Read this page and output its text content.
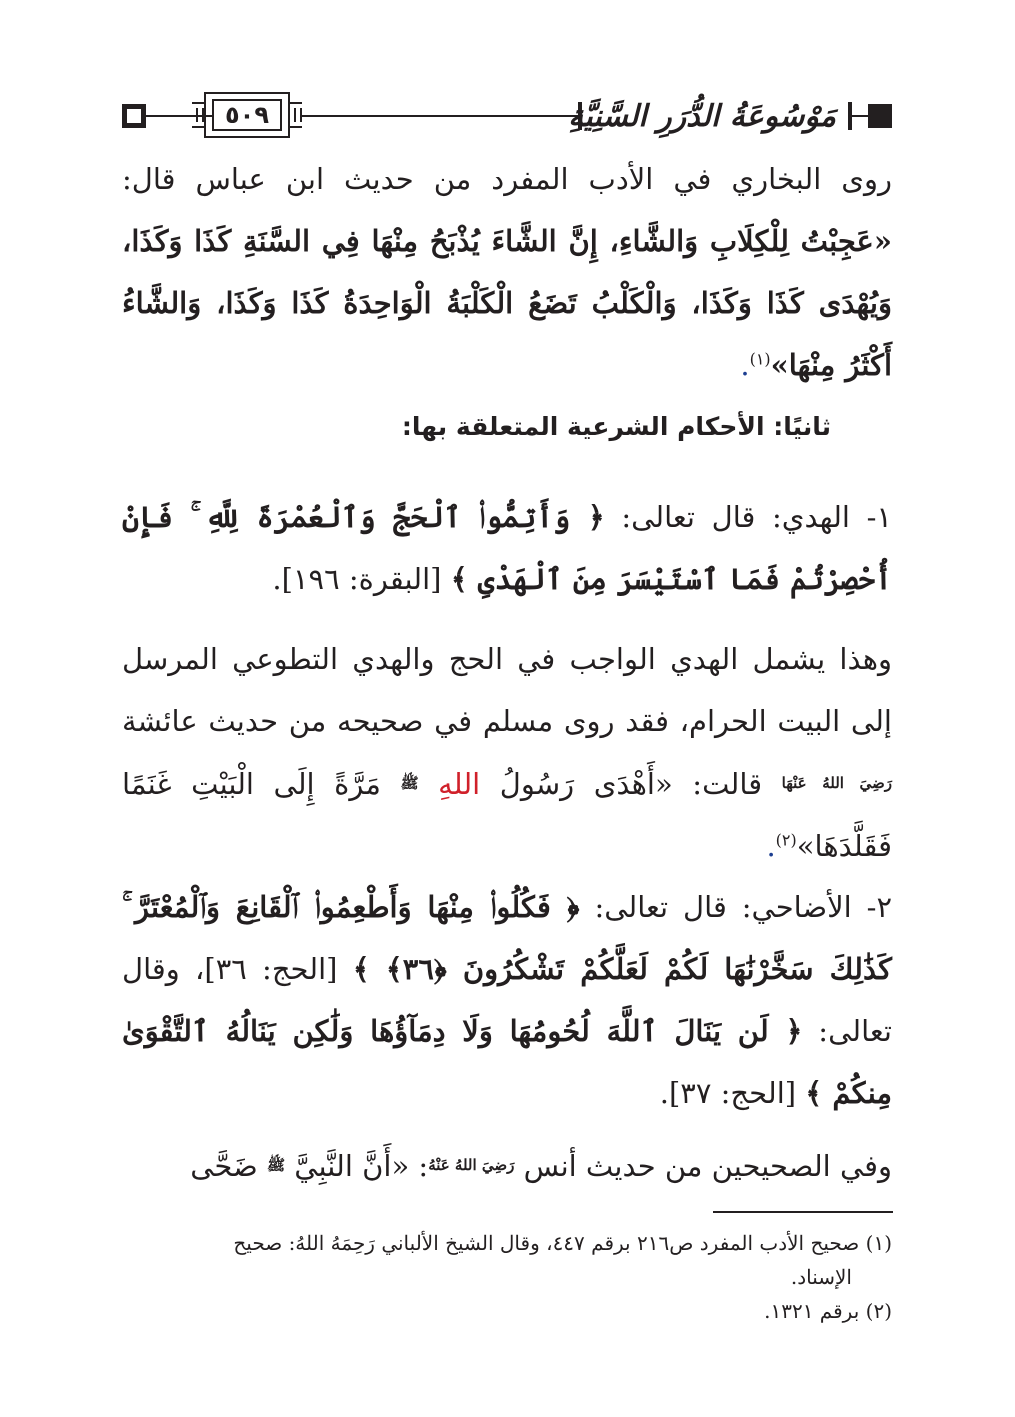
٥٠٩	مَوْسُوعَةُ الدُّرَرِ السَّنِيَّةِ
روى البخاري في الأدب المفرد من حديث ابن عباس قال: «عَجِبْتُ لِلْكِلَابِ وَالشَّاءِ، إِنَّ الشَّاءَ يُذْبَحُ مِنْهَا فِي السَّنَةِ كَذَا وَكَذَا، وَيُهْدَى كَذَا وَكَذَا، وَالْكَلْبُ تَضَعُ الْكَلْبَةُ الْوَاحِدَةُ كَذَا وَكَذَا، وَالشَّاءُ أَكْثَرُ مِنْهَا»$^{(١)}$.
ثانيًا: الأحكام الشرعية المتعلقة بها:
١- الهدي: قال تعالى: ﴿ وَأَتِمُّوا۟ ٱلْحَجَّ وَٱلْعُمْرَةَ لِلَّهِ ۚ فَإِنْ أُحْصِرْتُمْ فَمَا ٱسْتَيْسَرَ مِنَ ٱلْهَدْىِ ﴾ [البقرة: ١٩٦].
وهذا يشمل الهدي الواجب في الحج والهدي التطوعي المرسل إلى البيت الحرام، فقد روى مسلم في صحيحه من حديث عائشة $^{رَضِيَ اللهُ عَنْهَا}$ قالت: «أَهْدَى رَسُولُ اللهِ $^ﷺ$ مَرَّةً إِلَى الْبَيْتِ غَنَمًا فَقَلَّدَهَا»$^{(٢)}$.
٢- الأضاحي: قال تعالى: ﴿ فَكُلُوا۟ مِنْهَا وَأَطْعِمُوا۟ ٱلْقَانِعَ وَٱلْمُعْتَرَّ ۚ كَذَٰلِكَ سَخَّرْنَٰهَا لَكُمْ لَعَلَّكُمْ تَشْكُرُونَ ﴿٣٦﴾ ﴾ [الحج: ٣٦]، وقال تعالى: ﴿ لَن يَنَالَ ٱللَّهَ لُحُومُهَا وَلَا دِمَآؤُهَا وَلَٰكِن يَنَالُهُ ٱلتَّقْوَىٰ مِنكُمْ ﴾ [الحج: ٣٧].
وفي الصحيحين من حديث أنس $^{رَضِيَ اللهُ عَنْهُ}$: «أَنَّ النَّبِيَّ $^ﷺ$ ضَحَّى

(١) صحيح الأدب المفرد ص٢١٦ برقم ٤٤٧، وقال الشيخ الألباني رَحِمَهُ اللهُ: صحيح

الإسناد.

(٢) برقم ١٣٢١.
